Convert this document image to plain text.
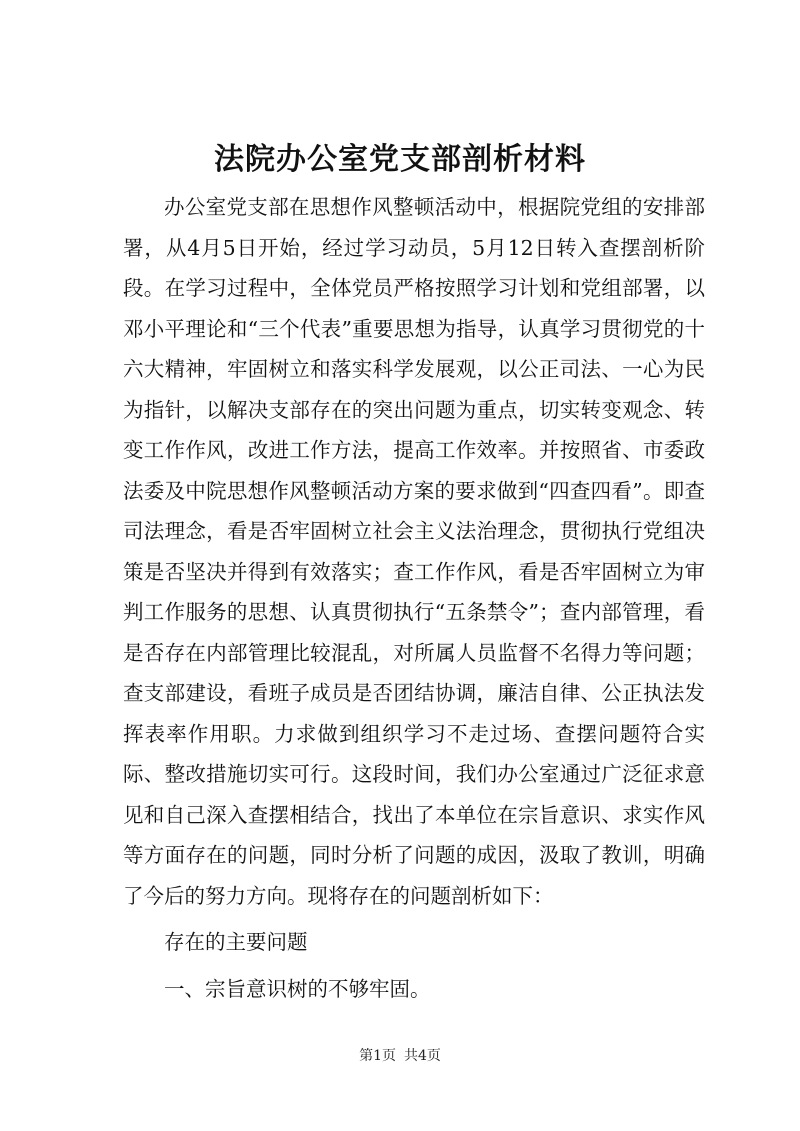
法院办公室党支部剖析材料

办公室党支部在思想作风整顿活动中，根据院党组的安排部署，从4月5日开始，经过学习动员，5月12日转入查摆剖析阶段。在学习过程中，全体党员严格按照学习计划和党组部署，以邓小平理论和“三个代表”重要思想为指导，认真学习贯彻党的十六大精神，牢固树立和落实科学发展观，以公正司法、一心为民为指针，以解决支部存在的突出问题为重点，切实转变观念、转变工作作风，改进工作方法，提高工作效率。并按照省、市委政法委及中院思想作风整顿活动方案的要求做到“四查四看”。即查司法理念，看是否牢固树立社会主义法治理念，贯彻执行党组决策是否坚决并得到有效落实；查工作作风，看是否牢固树立为审判工作服务的思想、认真贯彻执行“五条禁令”；查内部管理，看是否存在内部管理比较混乱，对所属人员监督不名得力等问题；查支部建设，看班子成员是否团结协调，廉洁自律、公正执法发挥表率作用职。力求做到组织学习不走过场、查摆问题符合实际、整改措施切实可行。这段时间，我们办公室通过广泛征求意见和自己深入查摆相结合，找出了本单位在宗旨意识、求实作风等方面存在的问题，同时分析了问题的成因，汲取了教训，明确了今后的努力方向。现将存在的问题剖析如下：

存在的主要问题

一、宗旨意识树的不够牢固。

第1页 共4页
